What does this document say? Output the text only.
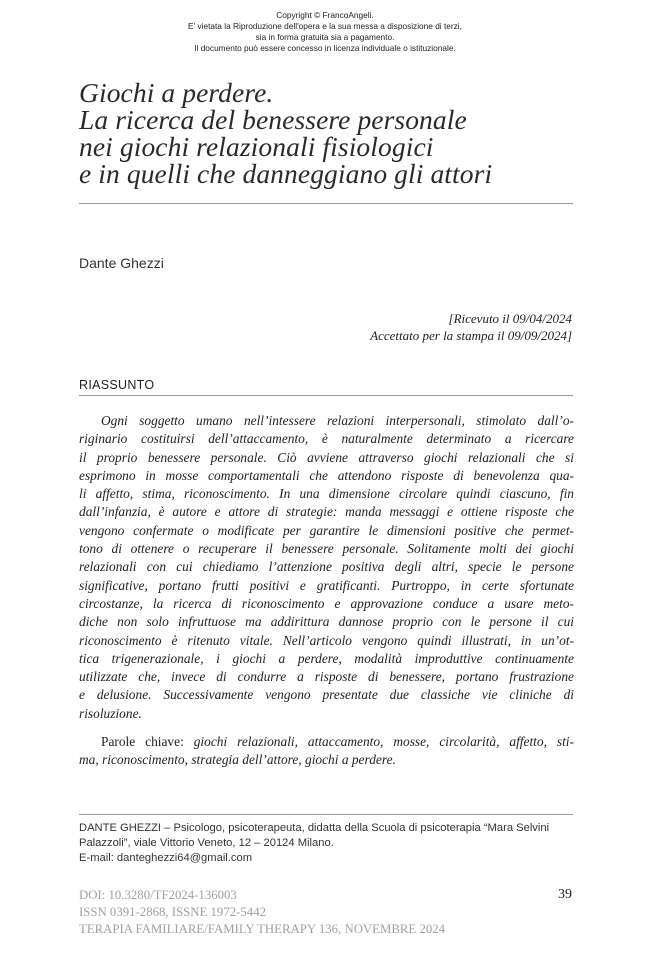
Copyright © FrancoAngeli.
E' vietata la Riproduzione dell'opera e la sua messa a disposizione di terzi,
sia in forma gratuita sia a pagamento.
Il documento può essere concesso in licenza individuale o istituzionale.
Giochi a perdere.
La ricerca del benessere personale
nei giochi relazionali fisiologici
e in quelli che danneggiano gli attori
Dante Ghezzi
[Ricevuto il 09/04/2024
Accettato per la stampa il 09/09/2024]
RIASSUNTO
Ogni soggetto umano nell’intessere relazioni interpersonali, stimolato dall’o-
riginario costituirsi dell’attaccamento, è naturalmente determinato a ricercare
il proprio benessere personale. Ciò avviene attraverso giochi relazionali che si
esprimono in mosse comportamentali che attendono risposte di benevolenza qua-
li affetto, stima, riconoscimento. In una dimensione circolare quindi ciascuno, fin
dall’infanzia, è autore e attore di strategie: manda messaggi e ottiene risposte che
vengono confermate o modificate per garantire le dimensioni positive che permet-
tono di ottenere o recuperare il benessere personale. Solitamente molti dei giochi
relazionali con cui chiediamo l’attenzione positiva degli altri, specie le persone
significative, portano frutti positivi e gratificanti. Purtroppo, in certe sfortunate
circostanze, la ricerca di riconoscimento e approvazione conduce a usare meto-
diche non solo infruttuose ma addirittura dannose proprio con le persone il cui
riconoscimento è ritenuto vitale. Nell’articolo vengono quindi illustrati, in un’ot-
tica trigenerazionale, i giochi a perdere, modalità improduttive continuamente
utilizzate che, invece di condurre a risposte di benessere, portano frustrazione
e delusione. Successivamente vengono presentate due classiche vie cliniche di
risoluzione.
Parole chiave: giochi relazionali, attaccamento, mosse, circolarità, affetto, sti-
ma, riconoscimento, strategia dell’attore, giochi a perdere.
DANTE GHEZZI – Psicologo, psicoterapeuta, didatta della Scuola di psicoterapia “Mara Selvini
Palazzoli”, viale Vittorio Veneto, 12 – 20124 Milano.
E-mail: danteghezzi64@gmail.com
DOI: 10.3280/TF2024-136003
ISSN 0391-2868, ISSNE 1972-5442
TERAPIA FAMILIARE/FAMILY THERAPY 136, NOVEMBRE 2024
39
